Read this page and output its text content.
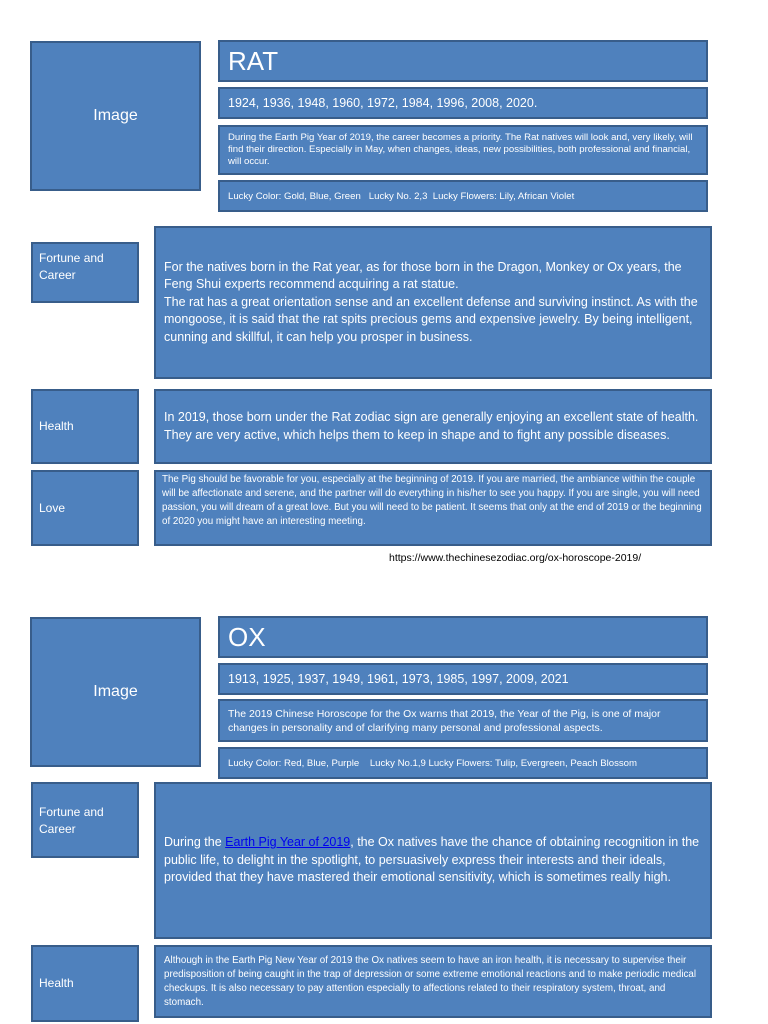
Image
RAT
1924, 1936, 1948, 1960, 1972, 1984, 1996, 2008, 2020.
During the Earth Pig Year of 2019, the career becomes a priority. The Rat natives will look and, very likely, will find their direction. Especially in May, when changes, ideas, new possibilities, both professional and financial, will occur.
Lucky Color: Gold, Blue, Green   Lucky No. 2,3  Lucky Flowers: Lily, African Violet
Fortune and Career
For the natives born in the Rat year, as for those born in the Dragon, Monkey or Ox years, the Feng Shui experts recommend acquiring a rat statue.
The rat has a great orientation sense and an excellent defense and surviving instinct. As with the mongoose, it is said that the rat spits precious gems and expensive jewelry. By being intelligent, cunning and skillful, it can help you prosper in business.
Health
In 2019, those born under the Rat zodiac sign are generally enjoying an excellent state of health. They are very active, which helps them to keep in shape and to fight any possible diseases.
Love
The Pig should be favorable for you, especially at the beginning of 2019. If you are married, the ambiance within the couple will be affectionate and serene, and the partner will do everything in his/her to see you happy. If you are single, you will need passion, you will dream of a great love. But you will need to be patient. It seems that only at the end of 2019 or the beginning of 2020 you might have an interesting meeting.
https://www.thechinesezodiac.org/ox-horoscope-2019/
Image
OX
1913, 1925, 1937, 1949, 1961, 1973, 1985, 1997, 2009, 2021
The 2019 Chinese Horoscope for the Ox warns that 2019, the Year of the Pig, is one of major changes in personality and of clarifying many personal and professional aspects.
Lucky Color: Red, Blue, Purple    Lucky No.1,9 Lucky Flowers: Tulip, Evergreen, Peach Blossom
Fortune and Career
During the Earth Pig Year of 2019, the Ox natives have the chance of obtaining recognition in the public life, to delight in the spotlight, to persuasively express their interests and their ideals, provided that they have mastered their emotional sensitivity, which is sometimes really high.
Health
Although in the Earth Pig New Year of 2019 the Ox natives seem to have an iron health, it is necessary to supervise their predisposition of being caught in the trap of depression or some extreme emotional reactions and to make periodic medical checkups. It is also necessary to pay attention especially to affections related to their respiratory system, throat, and stomach.
